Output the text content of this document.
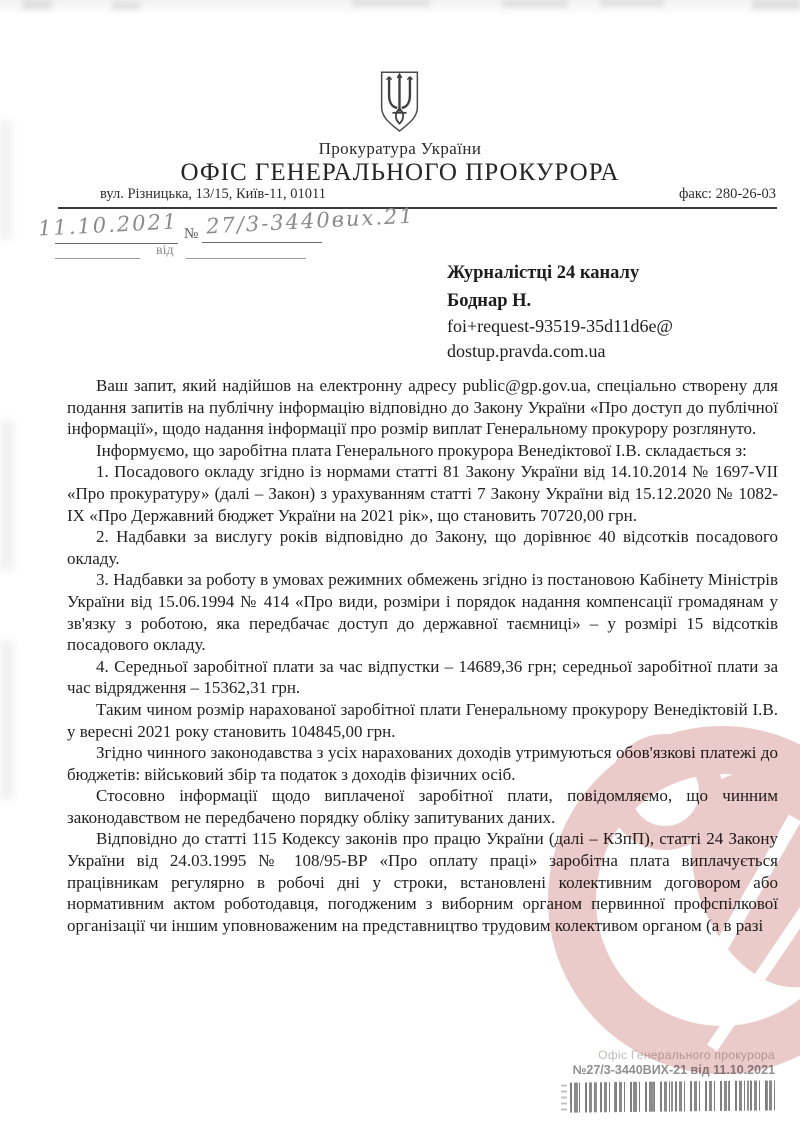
Прокуратура України
ОФІС ГЕНЕРАЛЬНОГО ПРОКУРОРА
вул. Різницька, 13/15, Київ-11, 01011	факс: 280-26-03
11.10.2021 № 27/3-3440вих.21
від
Журналістці 24 каналу
Боднар Н.
foi+request-93519-35d11d6e@
dostup.pravda.com.ua

Ваш запит, який надійшов на електронну адресу public@gp.gov.ua, спеціально створену для подання запитів на публічну інформацію відповідно до Закону України «Про доступ до публічної інформації», щодо надання інформації про розмір виплат Генеральному прокурору розглянуто.

Інформуємо, що заробітна плата Генерального прокурора Венедіктової І.В. складається з:

1. Посадового окладу згідно із нормами статті 81 Закону України від 14.10.2014 № 1697-VII «Про прокуратуру» (далі – Закон) з урахуванням статті 7 Закону України від 15.12.2020 № 1082-IX «Про Державний бюджет України на 2021 рік», що становить 70720,00 грн.

2. Надбавки за вислугу років відповідно до Закону, що дорівнює 40 відсотків посадового окладу.

3. Надбавки за роботу в умовах режимних обмежень згідно із постановою Кабінету Міністрів України від 15.06.1994 № 414 «Про види, розміри і порядок надання компенсації громадянам у зв'язку з роботою, яка передбачає доступ до державної таємниці» – у розмірі 15 відсотків посадового окладу.

4. Середньої заробітної плати за час відпустки – 14689,36 грн; середньої заробітної плати за час відрядження – 15362,31 грн.

Таким чином розмір нарахованої заробітної плати Генеральному прокурору Венедіктовій І.В. у вересні 2021 року становить 104845,00 грн.

Згідно чинного законодавства з усіх нарахованих доходів утримуються обов'язкові платежі до бюджетів: військовий збір та податок з доходів фізичних осіб.

Стосовно інформації щодо виплаченої заробітної плати, повідомляємо, що чинним законодавством не передбачено порядку обліку запитуваних даних.

Відповідно до статті 115 Кодексу законів про працю України (далі – КЗпП), статті 24 Закону України від 24.03.1995 № 108/95-ВР «Про оплату праці» заробітна плата виплачується працівникам регулярно в робочі дні у строки, встановлені колективним договором або нормативним актом роботодавця, погодженим з виборним органом первинної профспілкової організації чи іншим уповноваженим на представництво трудовим колективом органом (а в разі

Офіс Генерального прокурора
№27/3-3440ВИХ-21 від 11.10.2021
